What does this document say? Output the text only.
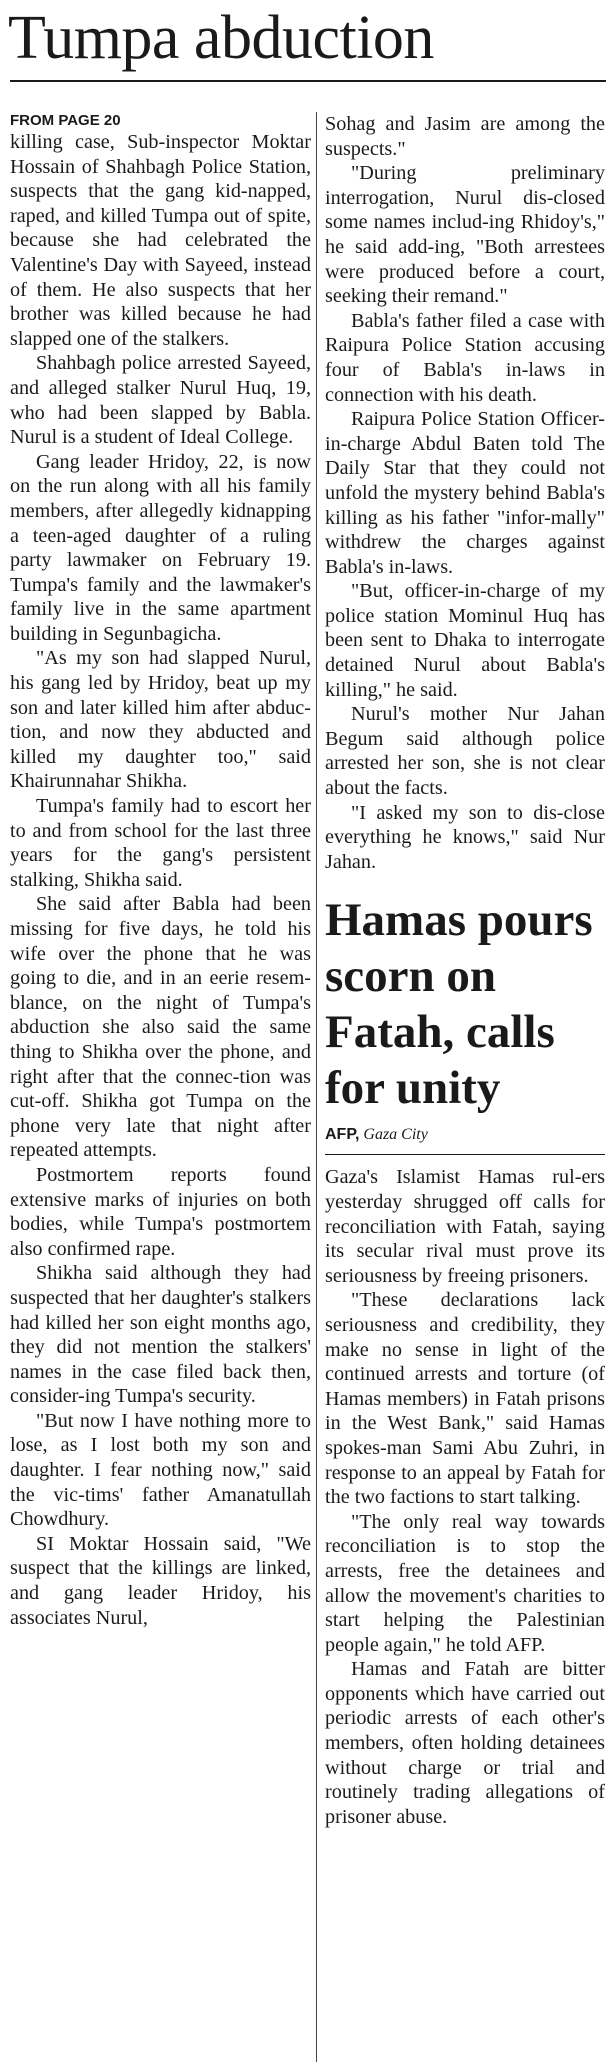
Tumpa abduction

FROM PAGE 20

killing case, Sub-inspector Moktar Hossain of Shahbagh Police Station, suspects that the gang kid-napped, raped, and killed Tumpa out of spite, because she had celebrated the Valentine's Day with Sayeed, instead of them. He also suspects that her brother was killed because he had slapped one of the stalkers.

Shahbagh police arrested Sayeed, and alleged stalker Nurul Huq, 19, who had been slapped by Babla. Nurul is a student of Ideal College.

Gang leader Hridoy, 22, is now on the run along with all his family members, after allegedly kidnapping a teen-aged daughter of a ruling party lawmaker on February 19. Tumpa's family and the lawmaker's family live in the same apartment building in Segunbagicha.

"As my son had slapped Nurul, his gang led by Hridoy, beat up my son and later killed him after abduc-tion, and now they abducted and killed my daughter too," said Khairunnahar Shikha.

Tumpa's family had to escort her to and from school for the last three years for the gang's persistent stalking, Shikha said.

She said after Babla had been missing for five days, he told his wife over the phone that he was going to die, and in an eerie resem-blance, on the night of Tumpa's abduction she also said the same thing to Shikha over the phone, and right after that the connec-tion was cut-off. Shikha got Tumpa on the phone very late that night after repeated attempts.

Postmortem reports found extensive marks of injuries on both bodies, while Tumpa's postmortem also confirmed rape.

Shikha said although they had suspected that her daughter's stalkers had killed her son eight months ago, they did not mention the stalkers' names in the case filed back then, consider-ing Tumpa's security.

"But now I have nothing more to lose, as I lost both my son and daughter. I fear nothing now," said the vic-tims' father Amanatullah Chowdhury.

SI Moktar Hossain said, "We suspect that the killings are linked, and gang leader Hridoy, his associates Nurul,

Sohag and Jasim are among the suspects."

"During preliminary interrogation, Nurul dis-closed some names includ-ing Rhidoy's," he said add-ing, "Both arrestees were produced before a court, seeking their remand."

Babla's father filed a case with Raipura Police Station accusing four of Babla's in-laws in connection with his death.

Raipura Police Station Officer-in-charge Abdul Baten told The Daily Star that they could not unfold the mystery behind Babla's killing as his father "infor-mally" withdrew the charges against Babla's in-laws.

"But, officer-in-charge of my police station Mominul Huq has been sent to Dhaka to interrogate detained Nurul about Babla's killing," he said.

Nurul's mother Nur Jahan Begum said although police arrested her son, she is not clear about the facts.

"I asked my son to dis-close everything he knows," said Nur Jahan.

Hamas pours scorn on Fatah, calls for unity

AFP, Gaza City

Gaza's Islamist Hamas rul-ers yesterday shrugged off calls for reconciliation with Fatah, saying its secular rival must prove its seriousness by freeing prisoners.

"These declarations lack seriousness and credibility, they make no sense in light of the continued arrests and torture (of Hamas members) in Fatah prisons in the West Bank," said Hamas spokes-man Sami Abu Zuhri, in response to an appeal by Fatah for the two factions to start talking.

"The only real way towards reconciliation is to stop the arrests, free the detainees and allow the movement's charities to start helping the Palestinian people again," he told AFP.

Hamas and Fatah are bitter opponents which have carried out periodic arrests of each other's members, often holding detainees without charge or trial and routinely trading allegations of prisoner abuse.
